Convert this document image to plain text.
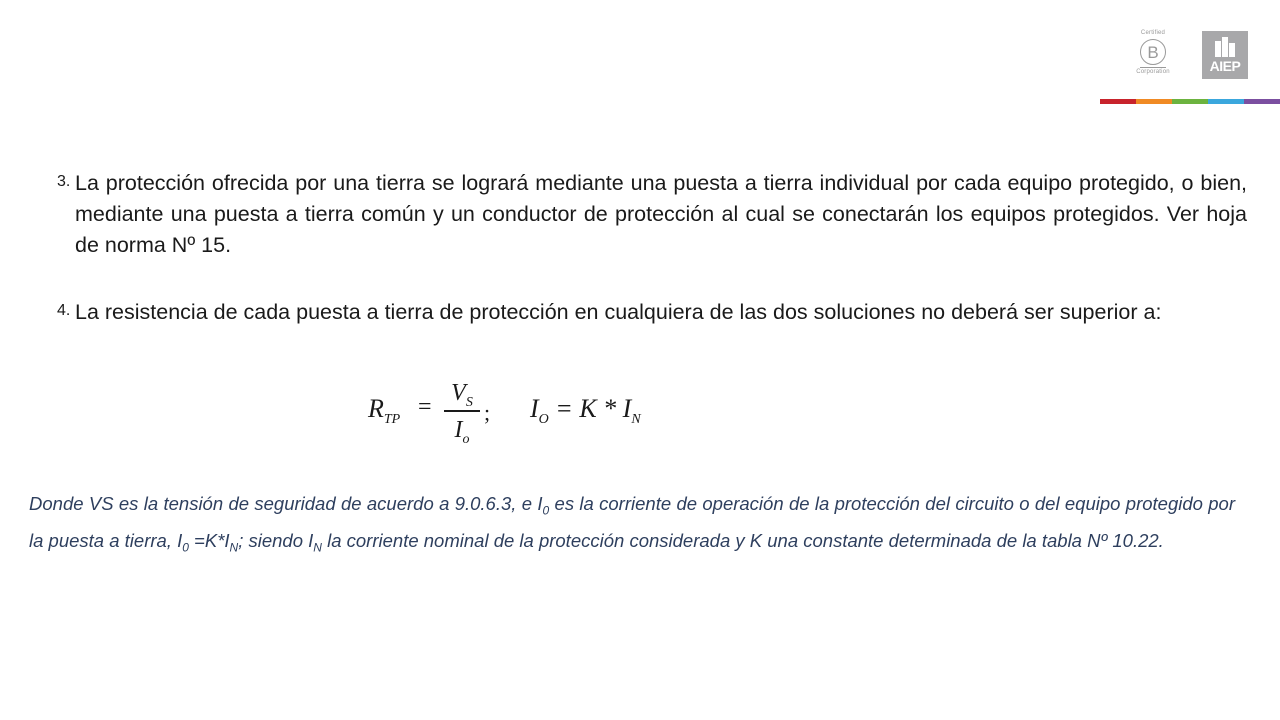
Certified
B
Corporation	AIEP
3. La protección ofrecida por una tierra se logrará mediante una puesta a tierra individual por cada equipo protegido, o bien, mediante una puesta a tierra común y un conductor de protección al cual se conectarán los equipos protegidos. Ver hoja de norma Nº 15.
4. La resistencia de cada puesta a tierra de protección en cualquiera de las dos soluciones no deberá ser superior a:
$R_{TP}$ =
$V_S$
$I_o$
; $I_O = K * I_N$
Donde VS es la tensión de seguridad de acuerdo a 9.0.6.3, e $I_0$ es la corriente de operación de la protección del circuito o del equipo protegido por la puesta a tierra, $I_0 =K*I_N$; siendo $I_N$ la corriente nominal de la protección considerada y K una constante determinada de la tabla Nº 10.22.
